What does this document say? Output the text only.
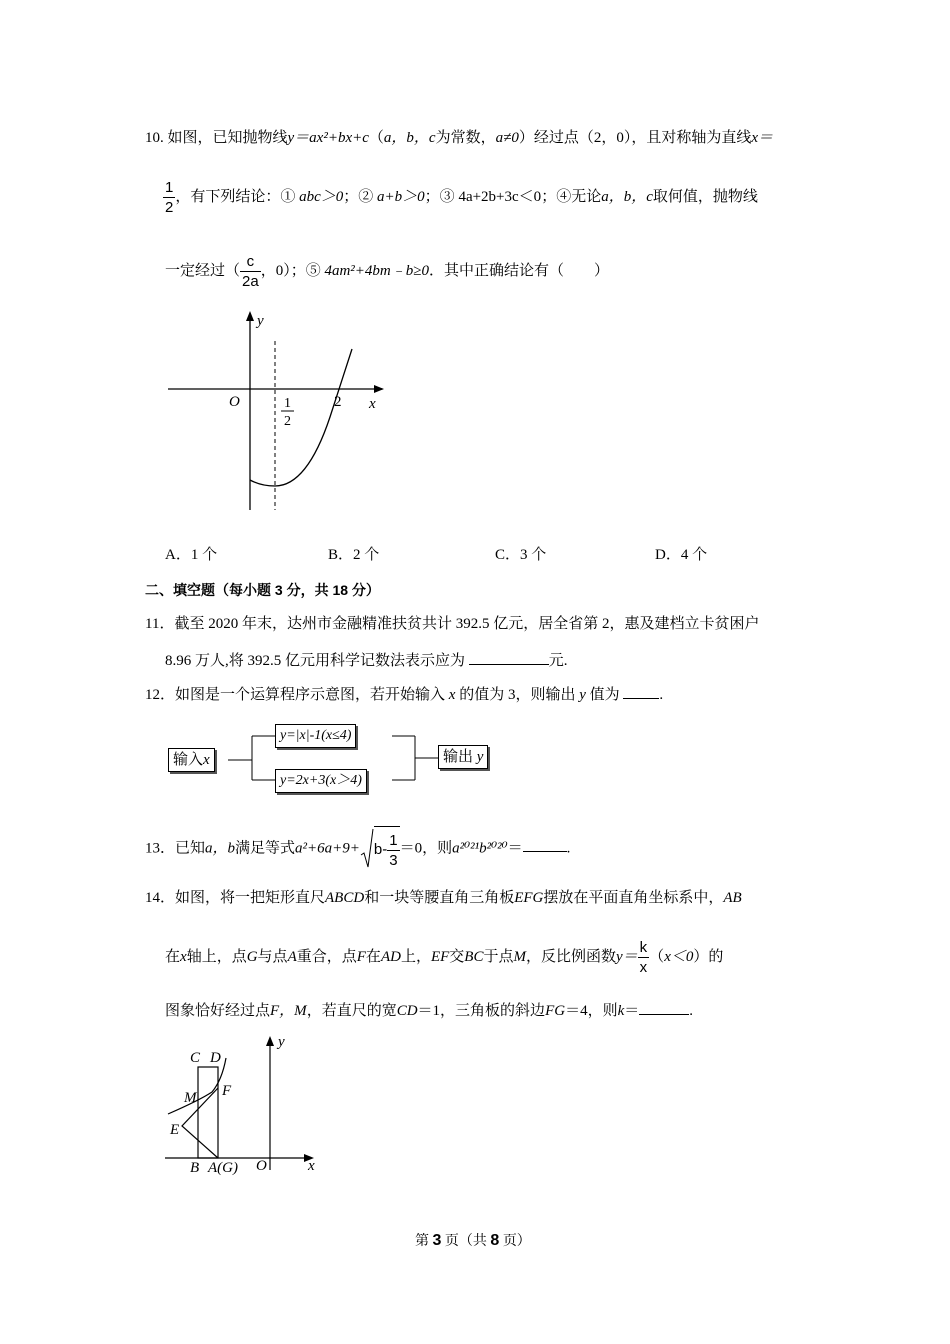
10. 如图，已知抛物线y＝ax²+bx+c（a，b，c为常数，a≠0）经过点（2，0），且对称轴为直线x＝
$\frac{1}{2}$ ，有下列结论：① abc＞0；② a+b＞0；③ 4a+2b+3c＜0；④无论a，b，c取何值，抛物线
一定经过（ $\frac{c}{2a}$ ，0）；⑤ 4am²+4bm﹣b≥0．其中正确结论有（　　）
y
x
O	1
2
2
A．1 个	B．2 个	C．3 个	D．4 个
二、填空题（每小题 3 分，共 18 分）
11．截至 2020 年末，达州市金融精准扶贫共计 392.5 亿元，居全省第 2，惠及建档立卡贫困户
8.96 万人,将 392.5 亿元用科学记数法表示应为	元.
12．如图是一个运算程序示意图，若开始输入 x 的值为 3，则输出 y 值为 .
输入x
y=|x|-1(x≤4)
y=2x+3(x＞4)
输出 y
13．已知a，b满足等式$a^2+6a+9+ b- \frac{1}{3} =0$，则a²⁰²¹b²⁰²⁰＝	.
14．如图，将一把矩形直尺ABCD和一块等腰直角三角板EFG摆放在平面直角坐标系中，AB
在x轴上，点G与点A重合，点F在AD上，EF交BC于点M，反比例函数$y= \frac{k}{x} (x<0)$的
图象恰好经过点F，M，若直尺的宽CD＝1，三角板的斜边FG＝4，则k＝	.
C D
M F
E
B A(G) O	x
y
第 3 页（共 8 页）
